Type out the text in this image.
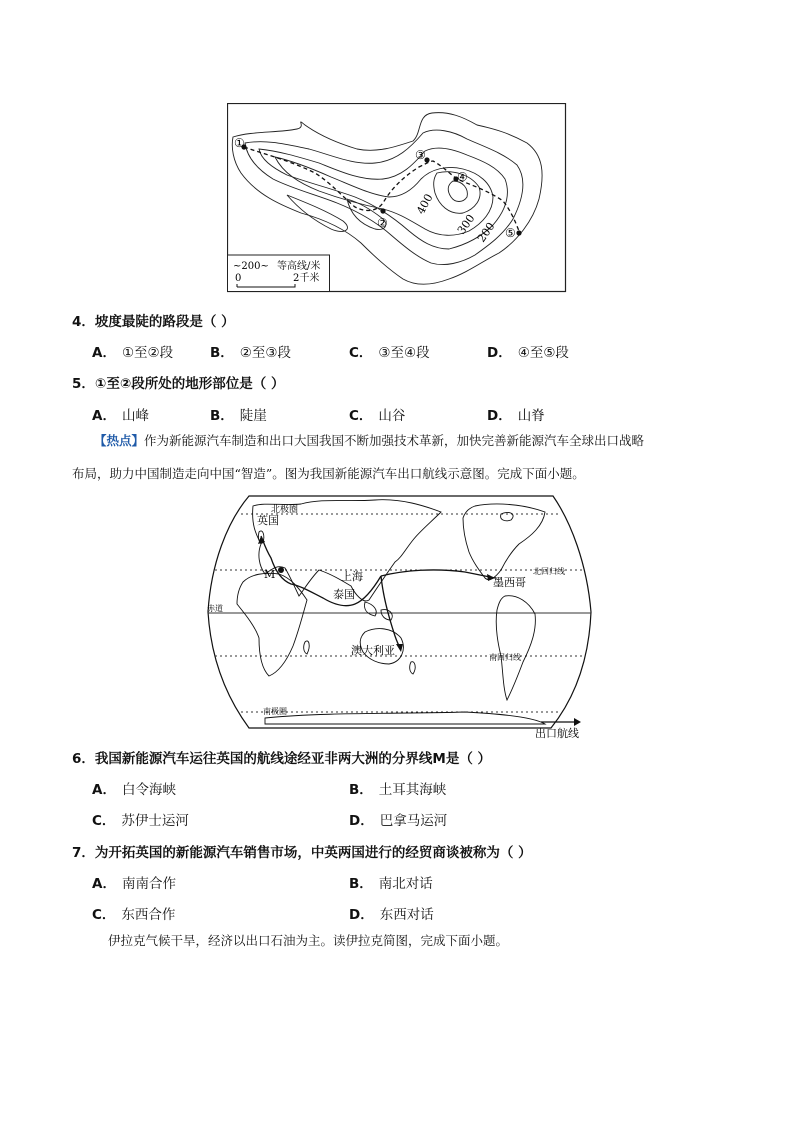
①
②
③
④
⑤
400
300
200
~200~ 等高线/米
0	2千米
4．坡度最陡的路段是（ ）
A． ①至②段	B． ②至③段	C． ③至④段	D． ④至⑤段
5．①至②段所处的地形部位是（ ）
A． 山峰	B． 陡崖	C． 山谷	D． 山脊
【热点】作为新能源汽车制造和出口大国我国不断加强技术革新，加快完善新能源汽车全球出口战略
布局，助力中国制造走向中国“智造”。图为我国新能源汽车出口航线示意图。完成下面小题。
北极圈
英国
M	上海	墨西哥
北回归线
泰国
赤道
澳大利亚
南回归线
南极圈
出口航线
6．我国新能源汽车运往英国的航线途经亚非两大洲的分界线M是（ ）
A． 白令海峡	B． 土耳其海峡
C． 苏伊士运河	D． 巴拿马运河
7．为开拓英国的新能源汽车销售市场，中英两国进行的经贸商谈被称为（ ）
A． 南南合作	B． 南北对话
C． 东西合作	D． 东西对话
伊拉克气候干旱，经济以出口石油为主。读伊拉克简图，完成下面小题。
